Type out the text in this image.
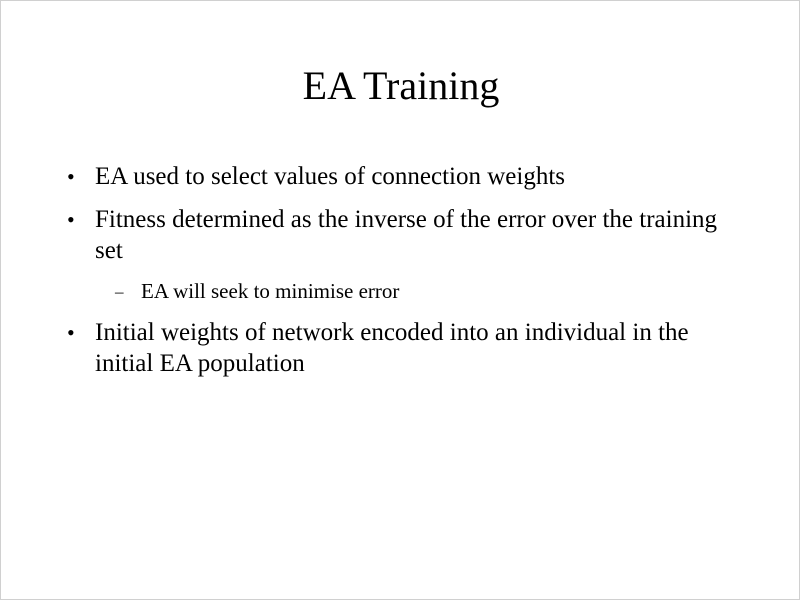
EA Training
• EA used to select values of connection weights
• Fitness determined as the inverse of the error over the training set
– EA will seek to minimise error
• Initial weights of network encoded into an individual in the initial EA population
